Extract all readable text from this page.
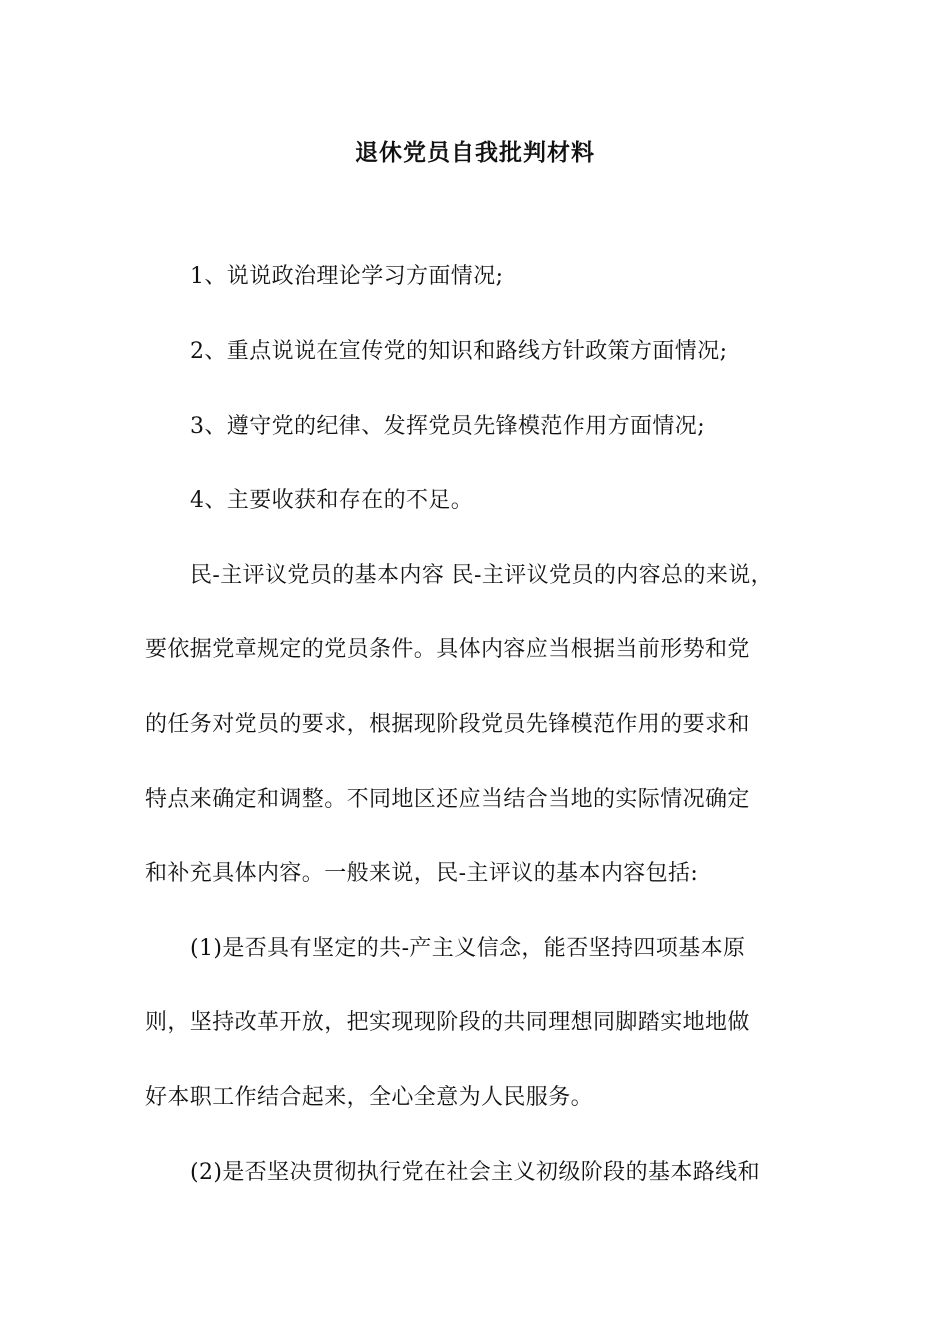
退休党员自我批判材料
1、说说政治理论学习方面情况;
2、重点说说在宣传党的知识和路线方针政策方面情况;
3、遵守党的纪律、发挥党员先锋模范作用方面情况;
4、主要收获和存在的不足。
民-主评议党员的基本内容 民-主评议党员的内容总的来说，
要依据党章规定的党员条件。具体内容应当根据当前形势和党
的任务对党员的要求，根据现阶段党员先锋模范作用的要求和
特点来确定和调整。不同地区还应当结合当地的实际情况确定
和补充具体内容。一般来说，民-主评议的基本内容包括:
(1)是否具有坚定的共-产主义信念，能否坚持四项基本原
则，坚持改革开放，把实现现阶段的共同理想同脚踏实地地做
好本职工作结合起来，全心全意为人民服务。
(2)是否坚决贯彻执行党在社会主义初级阶段的基本路线和
